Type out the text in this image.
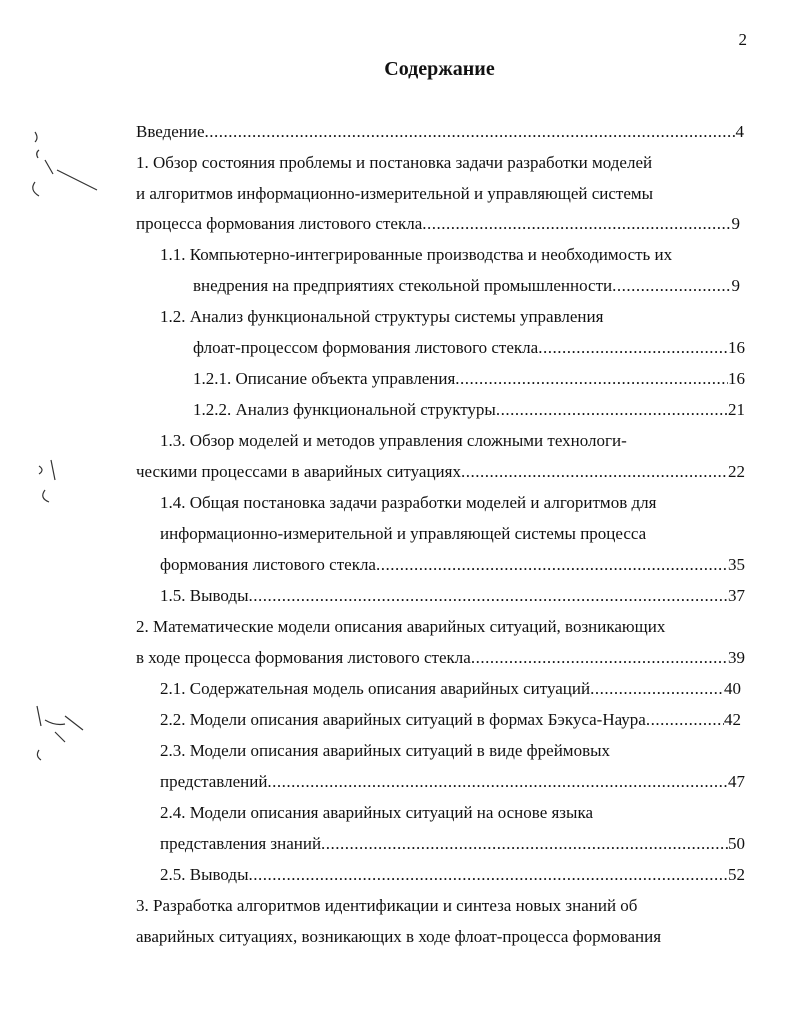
2
Содержание
Введение .....	4
1. Обзор состояния проблемы и постановка задачи разработки моделей
и алгоритмов информационно-измерительной и управляющей системы
процесса формования листового стекла .....	9
1.1. Компьютерно-интегрированные производства и необходимость их
внедрения на предприятиях стекольной промышленности .....	9
1.2. Анализ функциональной структуры системы управления
флоат-процессом формования листового стекла .....	16
1.2.1. Описание объекта управления .....	16
1.2.2. Анализ функциональной структуры .....	21
1.3. Обзор моделей и методов управления сложными технологи-
ческими процессами в аварийных ситуациях .....	22
1.4. Общая постановка задачи разработки моделей и алгоритмов для
информационно-измерительной и управляющей системы процесса
формования листового стекла .....	35
1.5. Выводы .....	37
2. Математические модели описания аварийных ситуаций, возникающих
в ходе процесса формования листового стекла .....	39
2.1. Содержательная модель описания аварийных ситуаций .....	40
2.2. Модели описания аварийных ситуаций в формах Бэкуса-Наура .....	42
2.3. Модели описания аварийных ситуаций в виде фреймовых
представлений .....	47
2.4. Модели описания аварийных ситуаций на основе языка
представления знаний .....	50
2.5. Выводы .....	52
3. Разработка алгоритмов идентификации и синтеза новых знаний об
аварийных ситуациях, возникающих в ходе флоат-процесса формования
